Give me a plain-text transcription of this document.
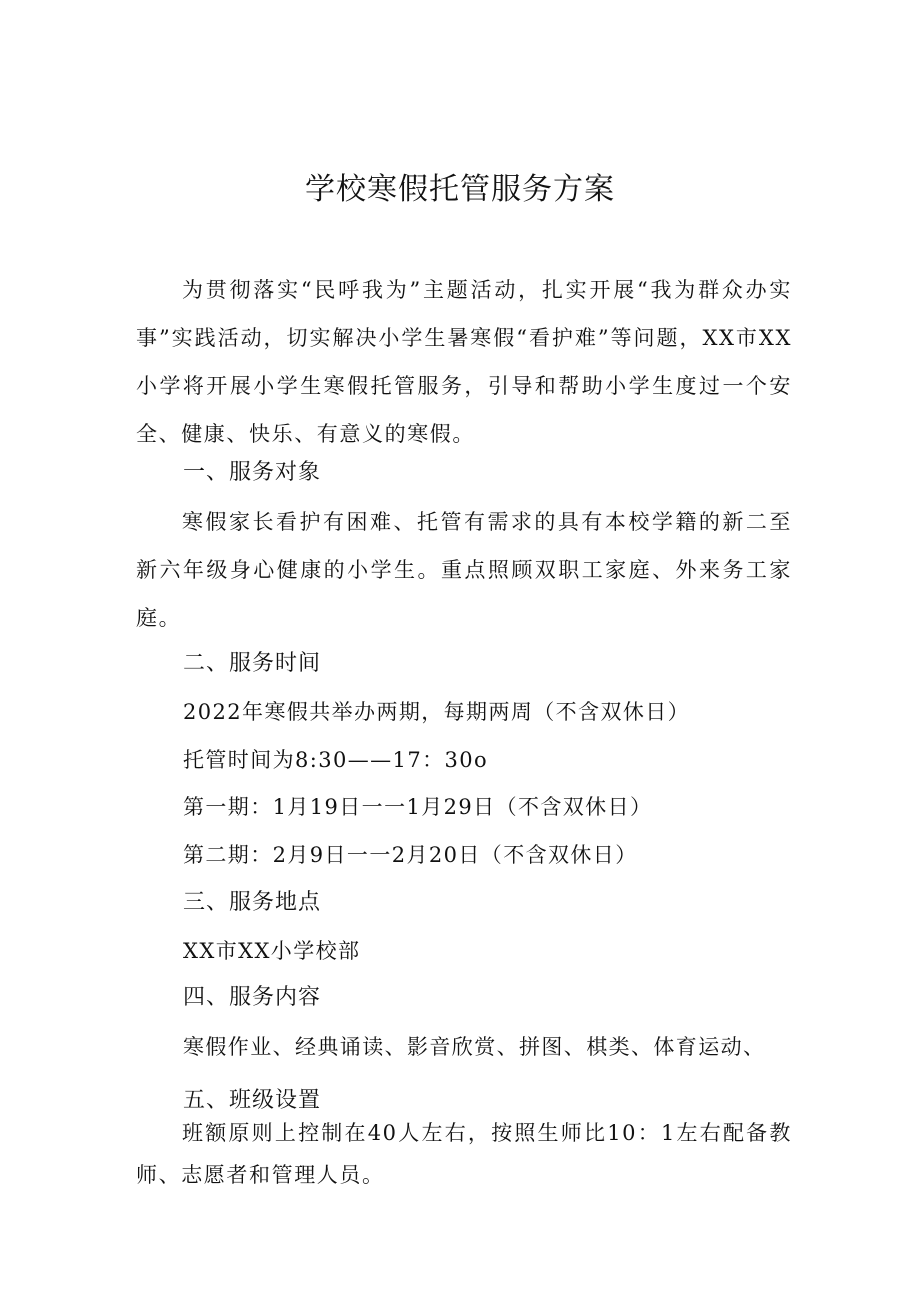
学校寒假托管服务方案

为贯彻落实“民呼我为”主题活动，扎实开展“我为群众办实事”实践活动，切实解决小学生暑寒假“看护难”等问题，XX市XX小学将开展小学生寒假托管服务，引导和帮助小学生度过一个安全、健康、快乐、有意义的寒假。

一、服务对象

寒假家长看护有困难、托管有需求的具有本校学籍的新二至新六年级身心健康的小学生。重点照顾双职工家庭、外来务工家庭。

二、服务时间

2022年寒假共举办两期，每期两周（不含双休日）

托管时间为8:30——17：30o

第一期：1月19日一一1月29日（不含双休日）

第二期：2月9日一一2月20日（不含双休日）

三、服务地点

XX市XX小学校部

四、服务内容

寒假作业、经典诵读、影音欣赏、拼图、棋类、体育运动、

五、班级设置

班额原则上控制在40人左右，按照生师比10：1左右配备教师、志愿者和管理人员。
